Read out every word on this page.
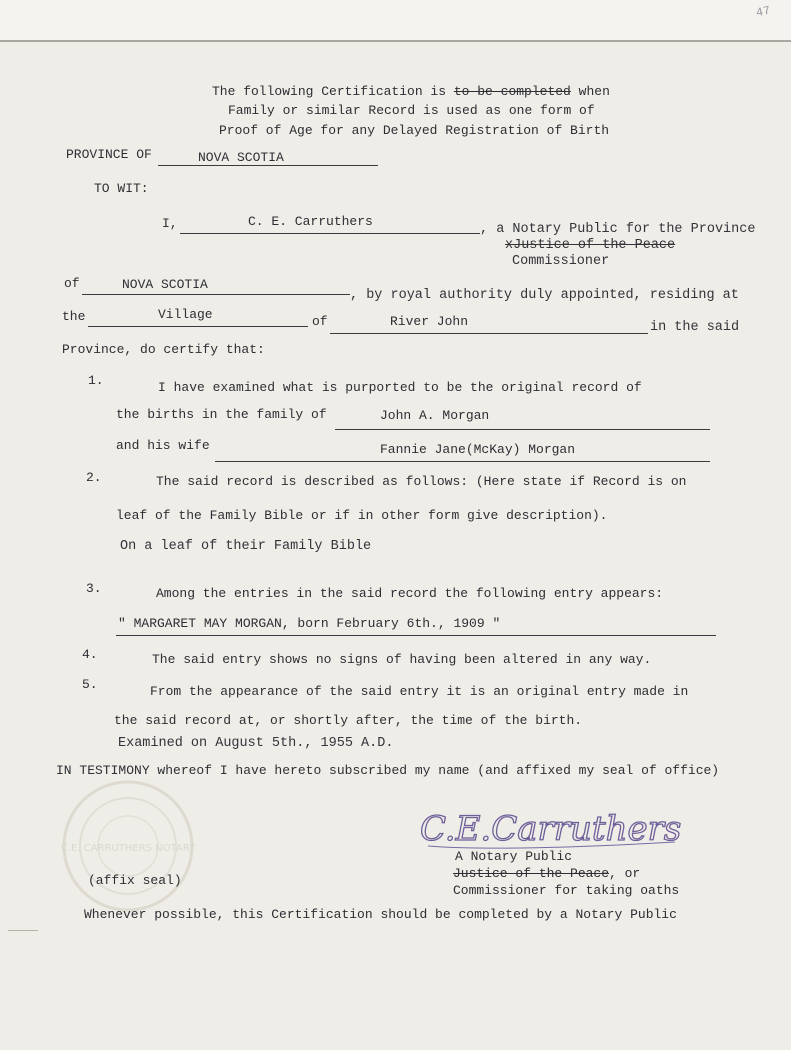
47
The following Certification is to be completed when
Family or similar Record is used as one form of
Proof of Age for any Delayed Registration of Birth
PROVINCE OF	NOVA SCOTIA
TO WIT:
I,	C. E. Carruthers
, a Notary Public for the Province
xJustice of the Peace
Commissioner
of	NOVA SCOTIA
, by royal authority duly appointed, residing at
the	Village	of	River John	in the said
Province, do certify that:
1.	I have examined what is purported to be the original record of
the births in the family of	John A. Morgan
and his wife	Fannie Jane(McKay) Morgan
2.	The said record is described as follows: (Here state if Record is on
leaf of the Family Bible or if in other form give description).
On a leaf of their Family Bible
3.	Among the entries in the said record the following entry appears:
" MARGARET MAY MORGAN, born February 6th., 1909 "
4.	The said entry shows no signs of having been altered in any way.
5.	From the appearance of the said entry it is an original entry made in
the said record at, or shortly after, the time of the birth.
Examined on August 5th., 1955 A.D.
IN TESTIMONY whereof I have hereto subscribed my name (and affixed my seal of office)
C.E. CARRUTHERS NOTARY	C.E.Carruthers
A Notary Public
Justice of the Peace, or
Commissioner for taking oaths
(affix seal)
Whenever possible, this Certification should be completed by a Notary Public
